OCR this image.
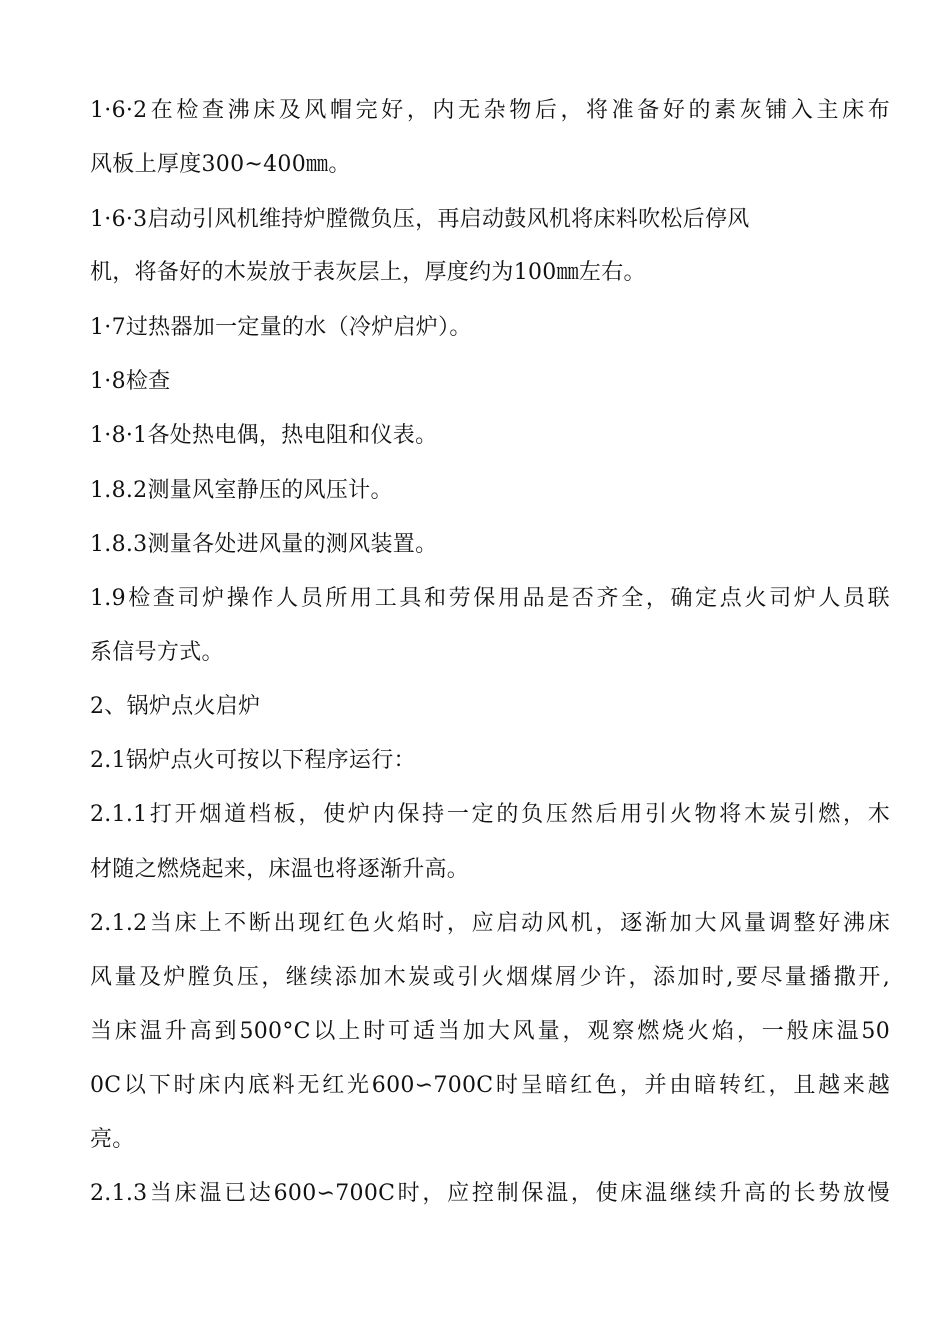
1·6·2在检查沸床及风帽完好，内无杂物后，将准备好的素灰铺入主床布
风板上厚度300~400㎜。
1·6·3启动引风机维持炉膛微负压，再启动鼓风机将床料吹松后停风
机，将备好的木炭放于表灰层上，厚度约为100㎜左右。
1·7过热器加一定量的水（冷炉启炉）。
1·8检查
1·8·1各处热电偶，热电阻和仪表。
1.8.2测量风室静压的风压计。
1.8.3测量各处进风量的测风装置。
1.9检查司炉操作人员所用工具和劳保用品是否齐全，确定点火司炉人员联
系信号方式。
2、锅炉点火启炉
2.1锅炉点火可按以下程序运行：
2.1.1打开烟道档板，使炉内保持一定的负压然后用引火物将木炭引燃，木
材随之燃烧起来，床温也将逐渐升高。
2.1.2当床上不断出现红色火焰时，应启动风机，逐渐加大风量调整好沸床
风量及炉膛负压，继续添加木炭或引火烟煤屑少许，添加时,要尽量播撒开,
当床温升高到500°C以上时可适当加大风量，观察燃烧火焰，一般床温50
0C以下时床内底料无红光600∽700C时呈暗红色，并由暗转红，且越来越
亮。
2.1.3当床温已达600∽700C时，应控制保温，使床温继续升高的长势放慢
